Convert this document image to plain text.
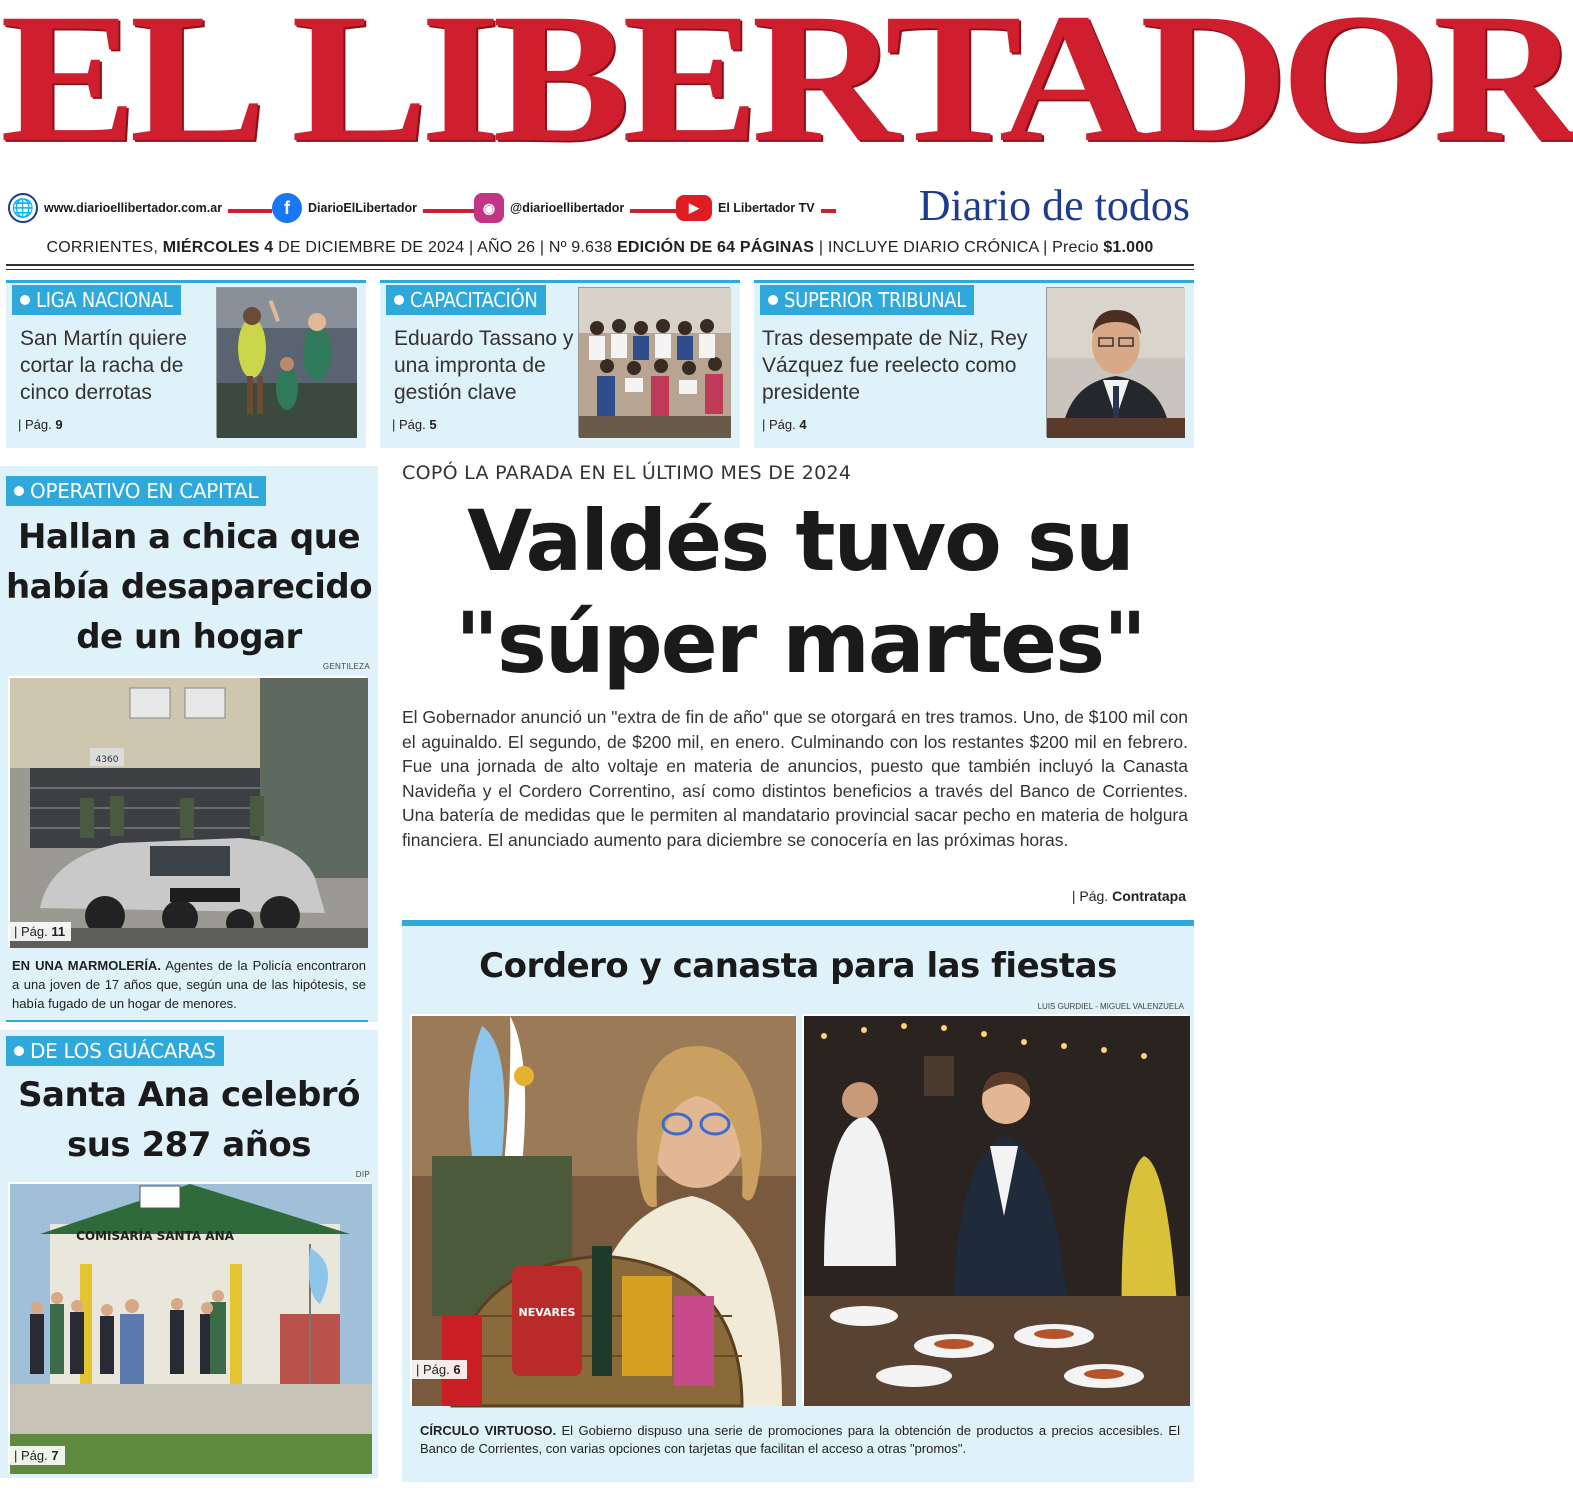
EL LIBERTADOR
🌐 www.diarioellibertador.com.ar	f	DiarioElLibertador	◉	@diarioellibertador	▶	El Libertador TV Diario de todos
CORRIENTES, MIÉRCOLES 4 DE DICIEMBRE DE 2024 | AÑO 26 | Nº 9.638 EDICIÓN DE 64 PÁGINAS | INCLUYE DIARIO CRÓNICA | Precio $1.000
LIGA NACIONAL
San Martín quiere cortar la racha de cinco derrotas
| Pág. 9
CAPACITACIÓN
Eduardo Tassano y una impronta de gestión clave
| Pág. 5
SUPERIOR TRIBUNAL
Tras desempate de Niz, Rey Vázquez fue reelecto como presidente
| Pág. 4
OPERATIVO EN CAPITAL
Hallan a chica que había desaparecido de un hogar
GENTILEZA
4360
| Pág. 11
EN UNA MARMOLERÍA. Agentes de la Policía encontraron a una joven de 17 años que, según una de las hipótesis, se había fugado de un hogar de menores.
DE LOS GUÁCARAS
Santa Ana celebró sus 287 años
DIP
COMISARÍA SANTA ANA
| Pág. 7
COPÓ LA PARADA EN EL ÚLTIMO MES DE 2024
Valdés tuvo su "súper martes"
El Gobernador anunció un "extra de fin de año" que se otorgará en tres tramos. Uno, de $100 mil con el aguinaldo. El segundo, de $200 mil, en enero. Culminando con los restantes $200 mil en febrero. Fue una jornada de alto voltaje en materia de anuncios, puesto que también incluyó la Canasta Navideña y el Cordero Correntino, así como distintos beneficios a través del Banco de Corrientes. Una batería de medidas que le permiten al mandatario provincial sacar pecho en materia de holgura financiera. El anunciado aumento para diciembre se conocería en las próximas horas.
| Pág. Contratapa
Cordero y canasta para las fiestas
LUIS GURDIEL - MIGUEL VALENZUELA
NEVARES
| Pág. 6
CÍRCULO VIRTUOSO. El Gobierno dispuso una serie de promociones para la obtención de productos a precios accesibles. El Banco de Corrientes, con varias opciones con tarjetas que facilitan el acceso a otras "promos".
